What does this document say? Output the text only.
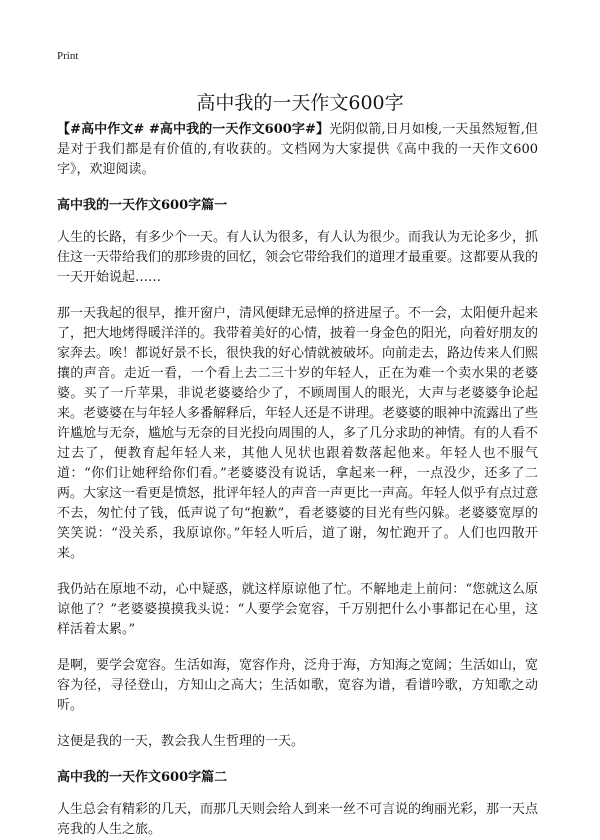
Print
高中我的一天作文600字

【#高中作文# #高中我的一天作文600字#】光阴似箭,日月如梭,一天虽然短暂,但是对于我们都是有价值的,有收获的。文档网为大家提供《高中我的一天作文600字》，欢迎阅读。

高中我的一天作文600字篇一

人生的长路，有多少个一天。有人认为很多，有人认为很少。而我认为无论多少，抓住这一天带给我们的那珍贵的回忆，领会它带给我们的道理才最重要。这都要从我的一天开始说起……

那一天我起的很早，推开窗户，清风便肆无忌惮的挤进屋子。不一会，太阳便升起来了，把大地烤得暖洋洋的。我带着美好的心情，披着一身金色的阳光，向着好朋友的家奔去。唉！都说好景不长，很快我的好心情就被破坏。向前走去，路边传来人们熙攘的声音。走近一看，一个看上去二三十岁的年轻人，正在为难一个卖水果的老婆婆。买了一斤苹果，非说老婆婆给少了，不顾周围人的眼光，大声与老婆婆争论起来。老婆婆在与年轻人多番解释后，年轻人还是不讲理。老婆婆的眼神中流露出了些许尴尬与无奈，尴尬与无奈的目光投向周围的人，多了几分求助的神情。有的人看不过去了，便教育起年轻人来，其他人见状也跟着数落起他来。年轻人也不服气道：“你们让她秤给你们看。”老婆婆没有说话，拿起来一秤，一点没少，还多了二两。大家这一看更是愤怒，批评年轻人的声音一声更比一声高。年轻人似乎有点过意不去，匆忙付了钱，低声说了句“抱歉”，看老婆婆的目光有些闪躲。老婆婆宽厚的笑笑说：“没关系，我原谅你。”年轻人听后，道了谢，匆忙跑开了。人们也四散开来。

我仍站在原地不动，心中疑惑，就这样原谅他了忙。不解地走上前问：“您就这么原谅他了？”老婆婆摸摸我头说：“人要学会宽容，千万别把什么小事都记在心里，这样活着太累。”

是啊，要学会宽容。生活如海，宽容作舟，泛舟于海，方知海之宽阔；生活如山，宽容为径，寻径登山，方知山之高大；生活如歌，宽容为谱，看谱吟歌，方知歌之动听。

这便是我的一天，教会我人生哲理的一天。

高中我的一天作文600字篇二

人生总会有精彩的几天，而那几天则会给人到来一丝不可言说的绚丽光彩，那一天点亮我的人生之旅。
